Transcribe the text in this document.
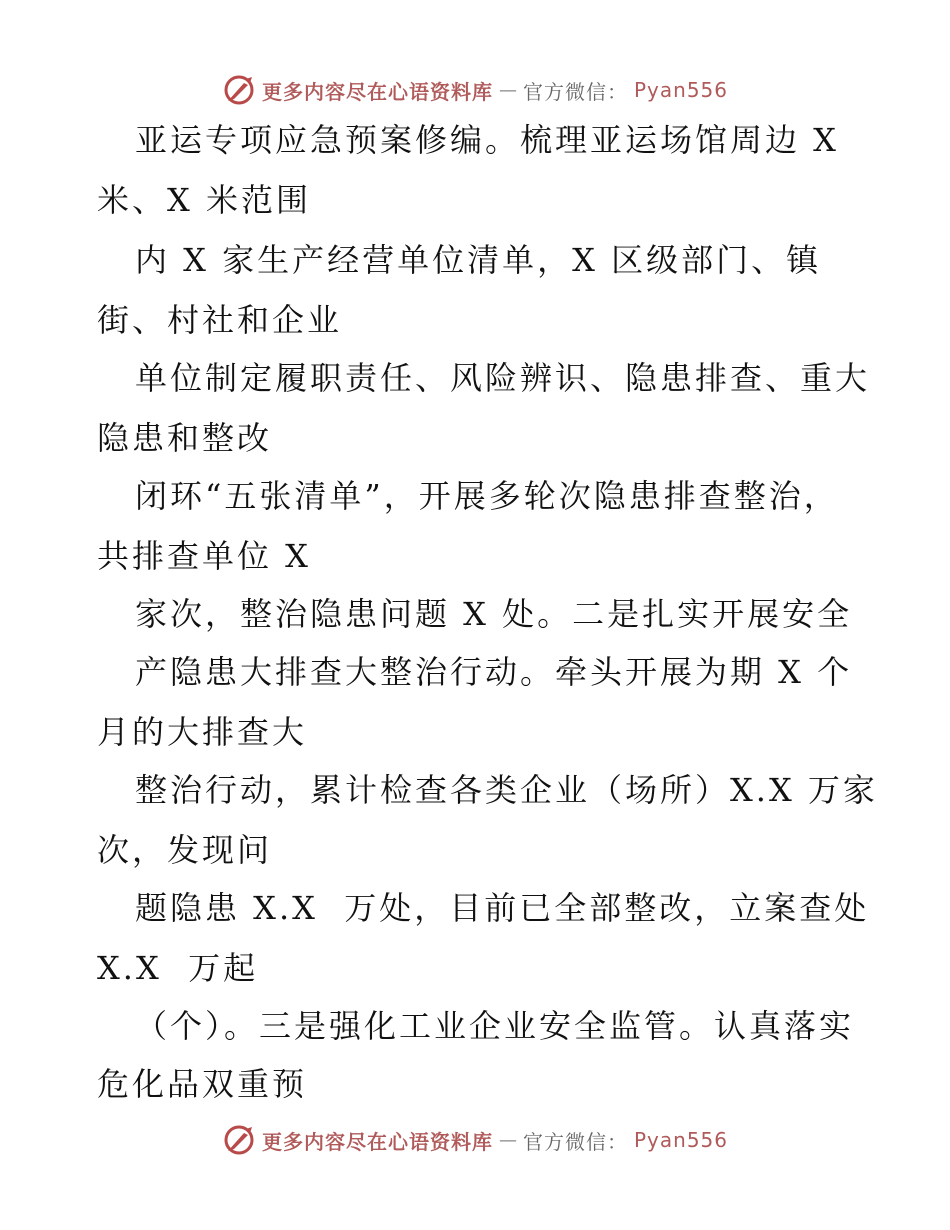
更多内容尽在心语资料库 — 官方微信： Pyan556
亚运专项应急预案修编。梳理亚运场馆周边 X
米、X 米范围
内 X 家生产经营单位清单，X 区级部门、镇
街、村社和企业
单位制定履职责任、风险辨识、隐患排查、重大
隐患和整改
闭环“五张清单”，开展多轮次隐患排查整治，
共排查单位 X
家次，整治隐患问题 X 处。二是扎实开展安全
产隐患大排查大整治行动。牵头开展为期 X 个
月的大排查大
整治行动，累计检查各类企业（场所）X.X 万家
次，发现问
题隐患 X.X  万处，目前已全部整改，立案查处
X.X  万起
（个）。三是强化工业企业安全监管。认真落实
危化品双重预
更多内容尽在心语资料库 — 官方微信： Pyan556
